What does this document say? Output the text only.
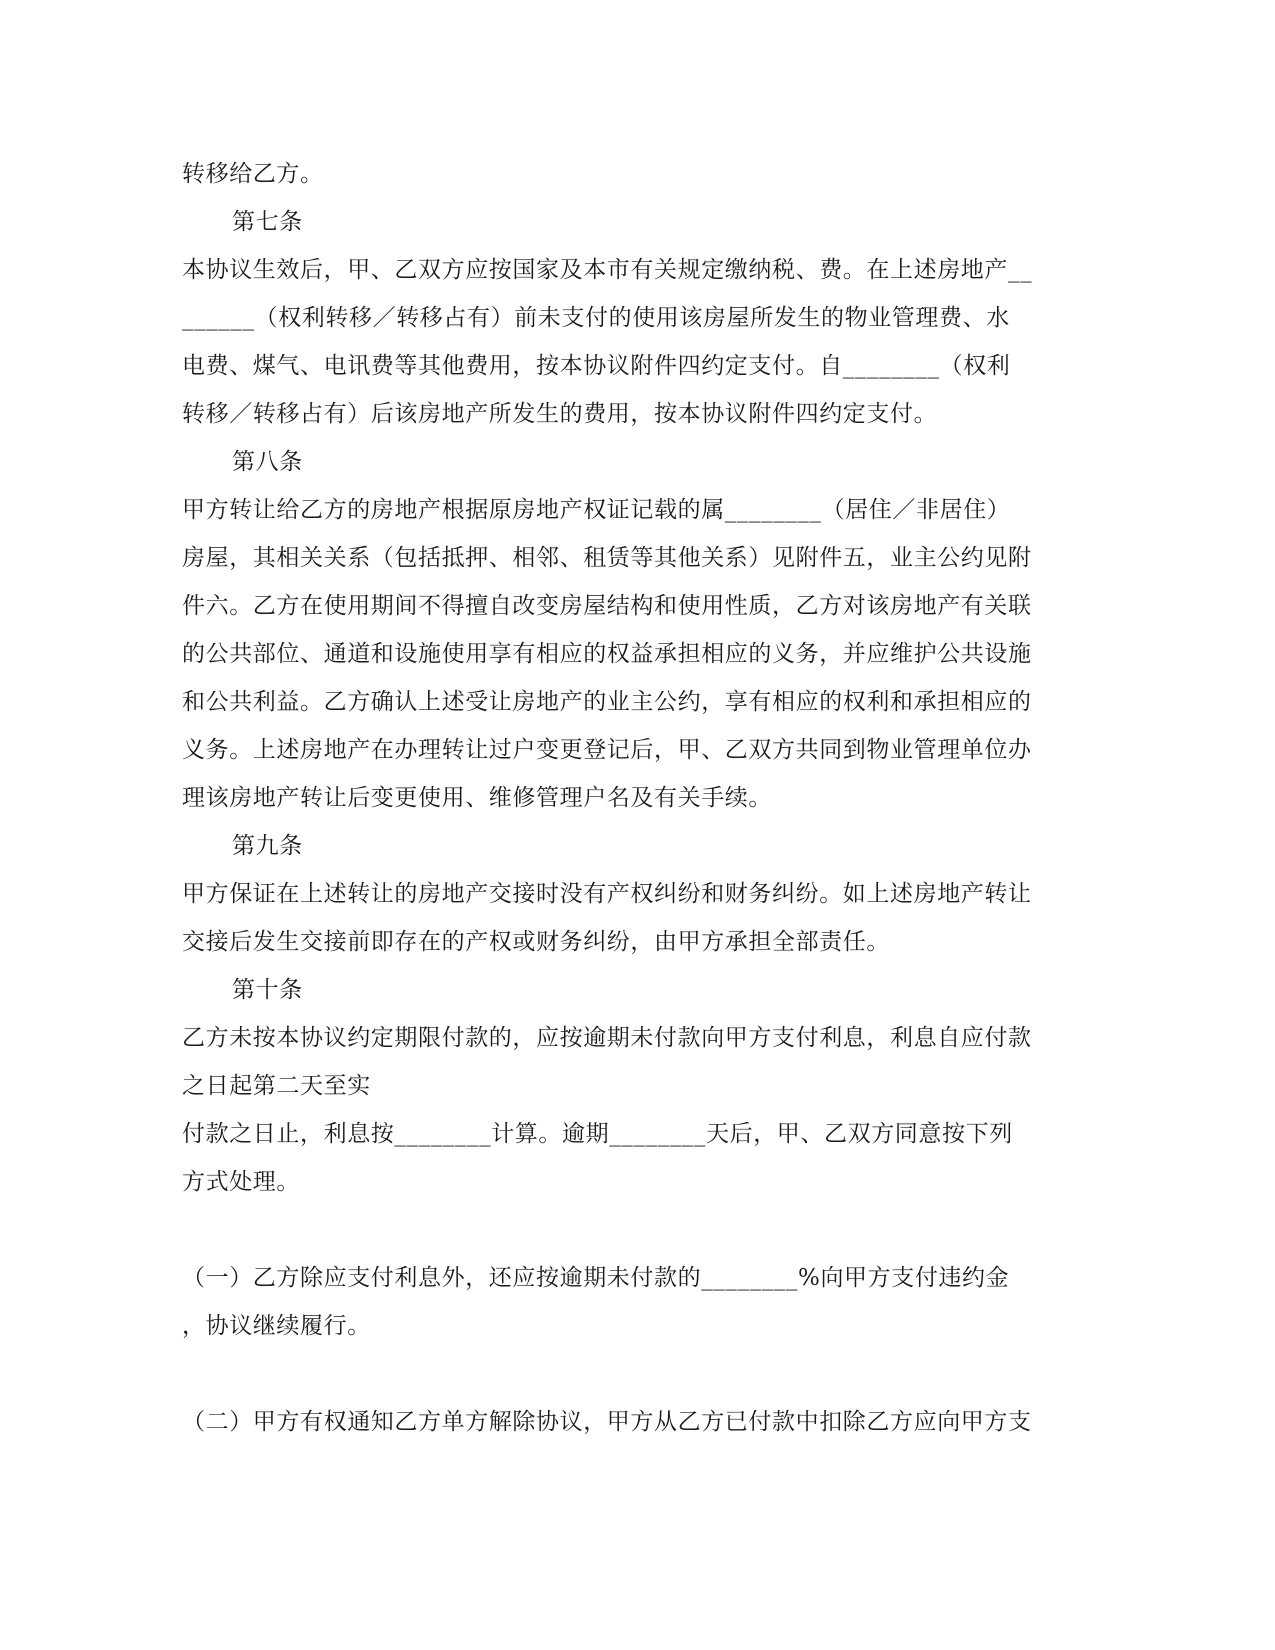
转移给乙方。
第七条
本协议生效后，甲、乙双方应按国家及本市有关规定缴纳税、费。在上述房地产__
______（权利转移／转移占有）前未支付的使用该房屋所发生的物业管理费、水
电费、煤气、电讯费等其他费用，按本协议附件四约定支付。自________（权利
转移／转移占有）后该房地产所发生的费用，按本协议附件四约定支付。
第八条
甲方转让给乙方的房地产根据原房地产权证记载的属________（居住／非居住）
房屋，其相关关系（包括抵押、相邻、租赁等其他关系）见附件五，业主公约见附
件六。乙方在使用期间不得擅自改变房屋结构和使用性质，乙方对该房地产有关联
的公共部位、通道和设施使用享有相应的权益承担相应的义务，并应维护公共设施
和公共利益。乙方确认上述受让房地产的业主公约，享有相应的权利和承担相应的
义务。上述房地产在办理转让过户变更登记后，甲、乙双方共同到物业管理单位办
理该房地产转让后变更使用、维修管理户名及有关手续。
第九条
甲方保证在上述转让的房地产交接时没有产权纠纷和财务纠纷。如上述房地产转让
交接后发生交接前即存在的产权或财务纠纷，由甲方承担全部责任。
第十条
乙方未按本协议约定期限付款的，应按逾期未付款向甲方支付利息，利息自应付款
之日起第二天至实
付款之日止，利息按________计算。逾期________天后，甲、乙双方同意按下列
方式处理。
（一）乙方除应支付利息外，还应按逾期未付款的________%向甲方支付违约金
，协议继续履行。
（二）甲方有权通知乙方单方解除协议，甲方从乙方已付款中扣除乙方应向甲方支
